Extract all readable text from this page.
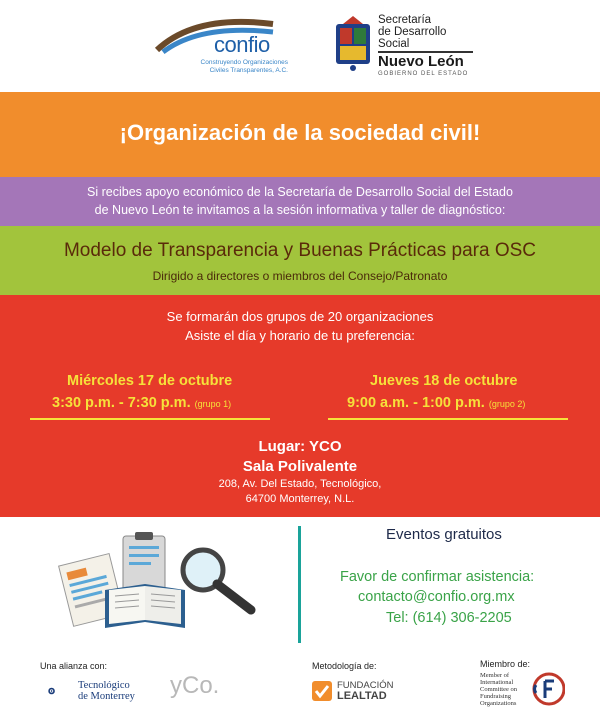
confio
Construyendo Organizaciones
Civiles Transparentes, A.C.
Secretaría
de Desarrollo
Social
Nuevo León
GOBIERNO DEL ESTADO
¡Organización de la sociedad civil!
Si recibes apoyo económico de la Secretaría de Desarrollo Social del Estado
de Nuevo León te invitamos a la sesión informativa y taller de diagnóstico:
Modelo de Transparencia y Buenas Prácticas para OSC
Dirigido a directores o miembros del Consejo/Patronato
Se formarán dos grupos de 20 organizaciones
Asiste el día y horario de tu preferencia:
Miércoles 17 de octubre
3:30 p.m. - 7:30 p.m. (grupo 1)
Jueves 18 de octubre
9:00 a.m. - 1:00 p.m. (grupo 2)
Lugar: YCO
Sala Polivalente
208, Av. Del Estado, Tecnológico,
64700 Monterrey, N.L.
Eventos gratuitos
Favor de confirmar asistencia:
contacto@confio.org.mx
Tel: (614) 306-2205
Una alianza con:
Tecnológico
de Monterrey yCo.
Metodología de:
FUNDACIÓN
LEALTAD
Miembro de:
Member of
International
Committee on
Fundraising
Organizations
